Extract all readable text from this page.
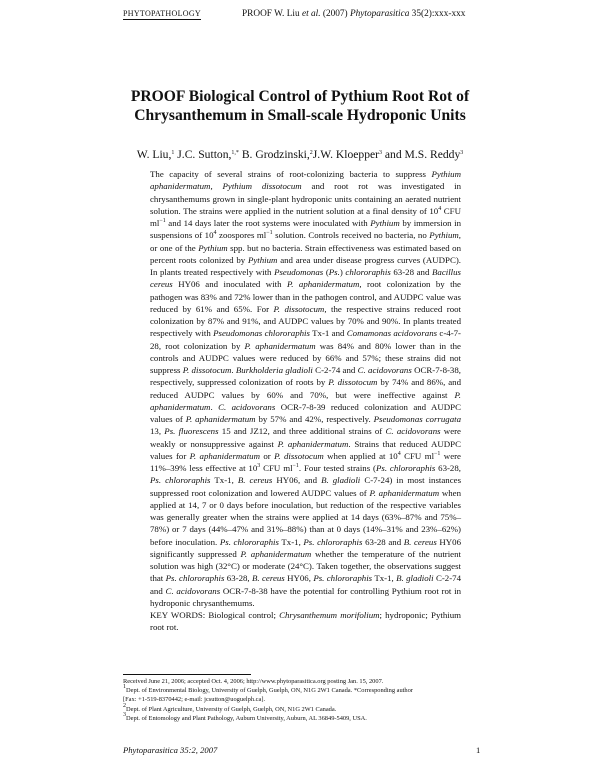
PHYTOPATHOLOGY	PROOF W. Liu et al. (2007) Phytoparasitica 35(2):xxx-xxx
PROOF Biological Control of Pythium Root Rot of Chrysanthemum in Small-scale Hydroponic Units
W. Liu,$^1$ J.C. Sutton,$^{1,*}$ B. Grodzinski,$^2$J.W. Kloepper$^3$ and M.S. Reddy$^3$
The capacity of several strains of root-colonizing bacteria to suppress Pythium aphanidermatum, Pythium dissotocum and root rot was investigated in chrysanthemums grown in single-plant hydroponic units containing an aerated nutrient solution. The strains were applied in the nutrient solution at a final density of $10^4$ CFU $ml^{-1}$ and 14 days later the root systems were inoculated with Pythium by immersion in suspensions of $10^4$ zoospores $ml^{-1}$ solution. Controls received no bacteria, no Pythium, or one of the Pythium spp. but no bacteria. Strain effectiveness was estimated based on percent roots colonized by Pythium and area under disease progress curves (AUDPC). In plants treated respectively with Pseudomonas (Ps.) chlororaphis 63-28 and Bacillus cereus HY06 and inoculated with P. aphanidermatum, root colonization by the pathogen was 83% and 72% lower than in the pathogen control, and AUDPC value was reduced by 61% and 65%. For P. dissotocum, the respective strains reduced root colonization by 87% and 91%, and AUDPC values by 70% and 90%. In plants treated respectively with Pseudomonas chlororaphis Tx-1 and Comamonas acidovorans c-4-7-28, root colonization by P. aphanidermatum was 84% and 80% lower than in the controls and AUDPC values were reduced by 66% and 57%; these strains did not suppress P. dissotocum. Burkholderia gladioli C-2-74 and C. acidovorans OCR-7-8-38, respectively, suppressed colonization of roots by P. dissotocum by 74% and 86%, and reduced AUDPC values by 60% and 70%, but were ineffective against P. aphanidermatum. C. acidovorans OCR-7-8-39 reduced colonization and AUDPC values of P. aphanidermatum by 57% and 42%, respectively. Pseudomonas corrugata 13, Ps. fluorescens 15 and JZ12, and three additional strains of C. acidovorans were weakly or nonsuppressive against P. aphanidermatum. Strains that reduced AUDPC values for P. aphanidermatum or P. dissotocum when applied at $10^4$ CFU $ml^{-1}$ were 11%–39% less effective at $10^3$ CFU $ml^{-1}$. Four tested strains (Ps. chlororaphis 63-28, Ps. chlororaphis Tx-1, B. cereus HY06, and B. gladioli C-7-24) in most instances suppressed root colonization and lowered AUDPC values of P. aphanidermatum when applied at 14, 7 or 0 days before inoculation, but reduction of the respective variables was generally greater when the strains were applied at 14 days (63%–87% and 75%–78%) or 7 days (44%–47% and 31%–88%) than at 0 days (14%–31% and 23%–62%) before inoculation. Ps. chlororaphis Tx-1, Ps. chlororaphis 63-28 and B. cereus HY06 significantly suppressed P. aphanidermatum whether the temperature of the nutrient solution was high (32°C) or moderate (24°C). Taken together, the observations suggest that Ps. chlororaphis 63-28, B. cereus HY06, Ps. chlororaphis Tx-1, B. gladioli C-2-74 and C. acidovorans OCR-7-8-38 have the potential for controlling Pythium root rot in hydroponic chrysanthemums.
KEY WORDS: Biological control; Chrysanthemum morifolium; hydroponic; Pythium root rot.
Received June 21, 2006; accepted Oct. 4, 2006; http://www.phytoparasitica.org posting Jan. 15, 2007.
$^1$Dept. of Environmental Biology, University of Guelph, Guelph, ON, N1G 2W1 Canada. *Corresponding author
[Fax: +1-519-8370442; e-mail: jcsutton@uoguelph.ca].
$^2$Dept. of Plant Agriculture, University of Guelph, Guelph, ON, N1G 2W1 Canada.
$^3$Dept. of Entomology and Plant Pathology, Auburn University, Auburn, AL 36849-5409, USA.
Phytoparasitica 35:2, 2007	1
